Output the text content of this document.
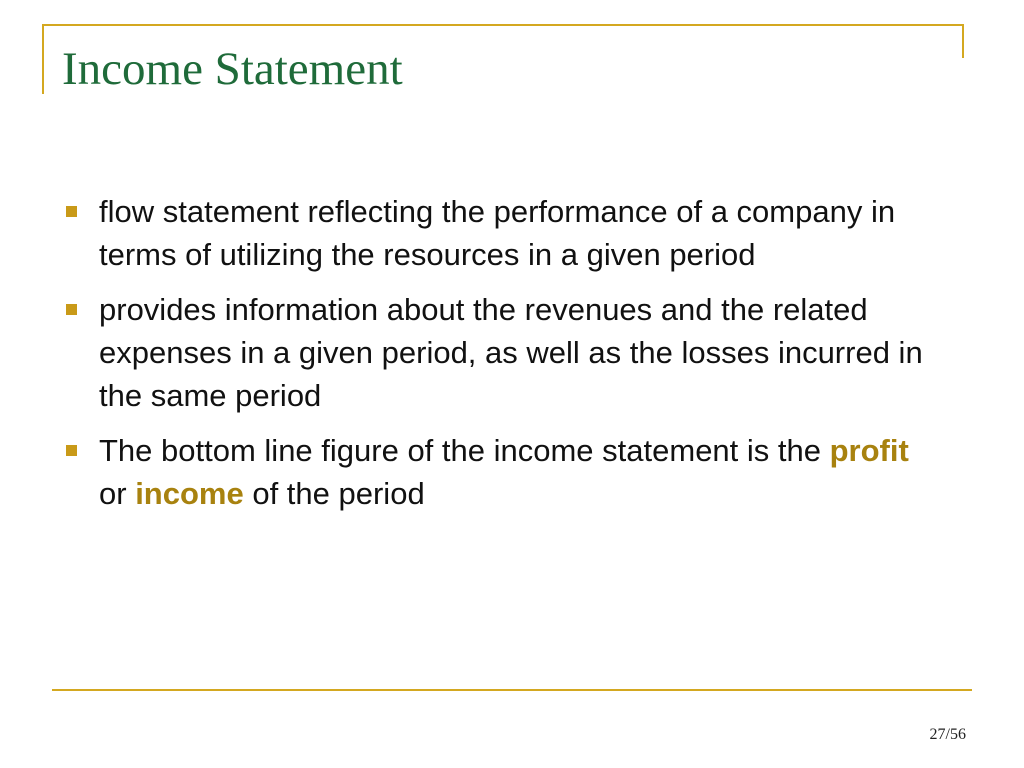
Income Statement
flow statement reflecting the performance of a company in terms of utilizing the resources in a given period
provides information about the revenues and the related expenses in a given period, as well as the losses incurred in the same period
The bottom line figure of the income statement is the profit or income of the period
27/56
